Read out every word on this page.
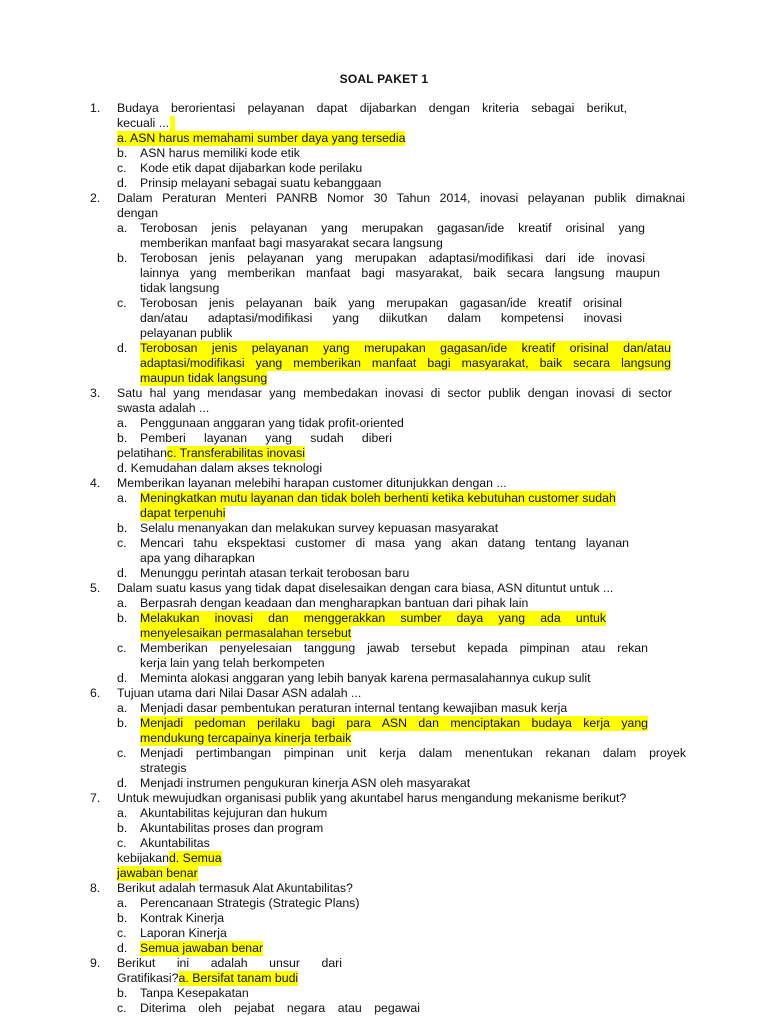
SOAL PAKET 1
1. Budaya berorientasi pelayanan dapat dijabarkan dengan kriteria sebagai berikut,
kecuali ...
a. ASN harus memahami sumber daya yang tersedia
b. ASN harus memiliki kode etik
c. Kode etik dapat dijabarkan kode perilaku
d. Prinsip melayani sebagai suatu kebanggaan
2. Dalam Peraturan Menteri PANRB Nomor 30 Tahun 2014, inovasi pelayanan publik dimaknai
dengan
a. Terobosan jenis pelayanan yang merupakan gagasan/ide kreatif orisinal yang
memberikan manfaat bagi masyarakat secara langsung
b. Terobosan jenis pelayanan yang merupakan adaptasi/modifikasi dari ide inovasi
lainnya yang memberikan manfaat bagi masyarakat, baik secara langsung maupun
tidak langsung
c. Terobosan jenis pelayanan baik yang merupakan gagasan/ide kreatif orisinal
dan/atau adaptasi/modifikasi yang diikutkan dalam kompetensi inovasi
pelayanan publik
d. Terobosan jenis pelayanan yang merupakan gagasan/ide kreatif orisinal dan/atau
adaptasi/modifikasi yang memberikan manfaat bagi masyarakat, baik secara langsung
maupun tidak langsung
3. Satu hal yang mendasar yang membedakan inovasi di sector publik dengan inovasi di sector
swasta adalah ...
a. Penggunaan anggaran yang tidak profit-oriented
b. Pemberi layanan yang sudah diberi
pelatihan c. Transferabilitas inovasi
d. Kemudahan dalam akses teknologi
4. Memberikan layanan melebihi harapan customer ditunjukkan dengan ...
a. Meningkatkan mutu layanan dan tidak boleh berhenti ketika kebutuhan customer sudah
dapat terpenuhi
b. Selalu menanyakan dan melakukan survey kepuasan masyarakat
c. Mencari tahu ekspektasi customer di masa yang akan datang tentang layanan
apa yang diharapkan
d. Menunggu perintah atasan terkait terobosan baru
5. Dalam suatu kasus yang tidak dapat diselesaikan dengan cara biasa, ASN dituntut untuk ...
a. Berpasrah dengan keadaan dan mengharapkan bantuan dari pihak lain
b. Melakukan inovasi dan menggerakkan sumber daya yang ada untuk
menyelesaikan permasalahan tersebut
c. Memberikan penyelesaian tanggung jawab tersebut kepada pimpinan atau rekan
kerja lain yang telah berkompeten
d. Meminta alokasi anggaran yang lebih banyak karena permasalahannya cukup sulit
6. Tujuan utama dari Nilai Dasar ASN adalah ...
a. Menjadi dasar pembentukan peraturan internal tentang kewajiban masuk kerja
b. Menjadi pedoman perilaku bagi para ASN dan menciptakan budaya kerja yang
mendukung tercapainya kinerja terbaik
c. Menjadi pertimbangan pimpinan unit kerja dalam menentukan rekanan dalam proyek
strategis
d. Menjadi instrumen pengukuran kinerja ASN oleh masyarakat
7. Untuk mewujudkan organisasi publik yang akuntabel harus mengandung mekanisme berikut?
a. Akuntabilitas kejujuran dan hukum
b. Akuntabilitas proses dan program
c. Akuntabilitas
kebijakan d. Semua
jawaban benar
8. Berikut adalah termasuk Alat Akuntabilitas?
a. Perencanaan Strategis (Strategic Plans)
b. Kontrak Kinerja
c. Laporan Kinerja
d. Semua jawaban benar
9. Berikut ini adalah unsur dari
Gratifikasi? a. Bersifat tanam budi
b. Tanpa Kesepakatan
c. Diterima oleh pejabat negara atau pegawai
